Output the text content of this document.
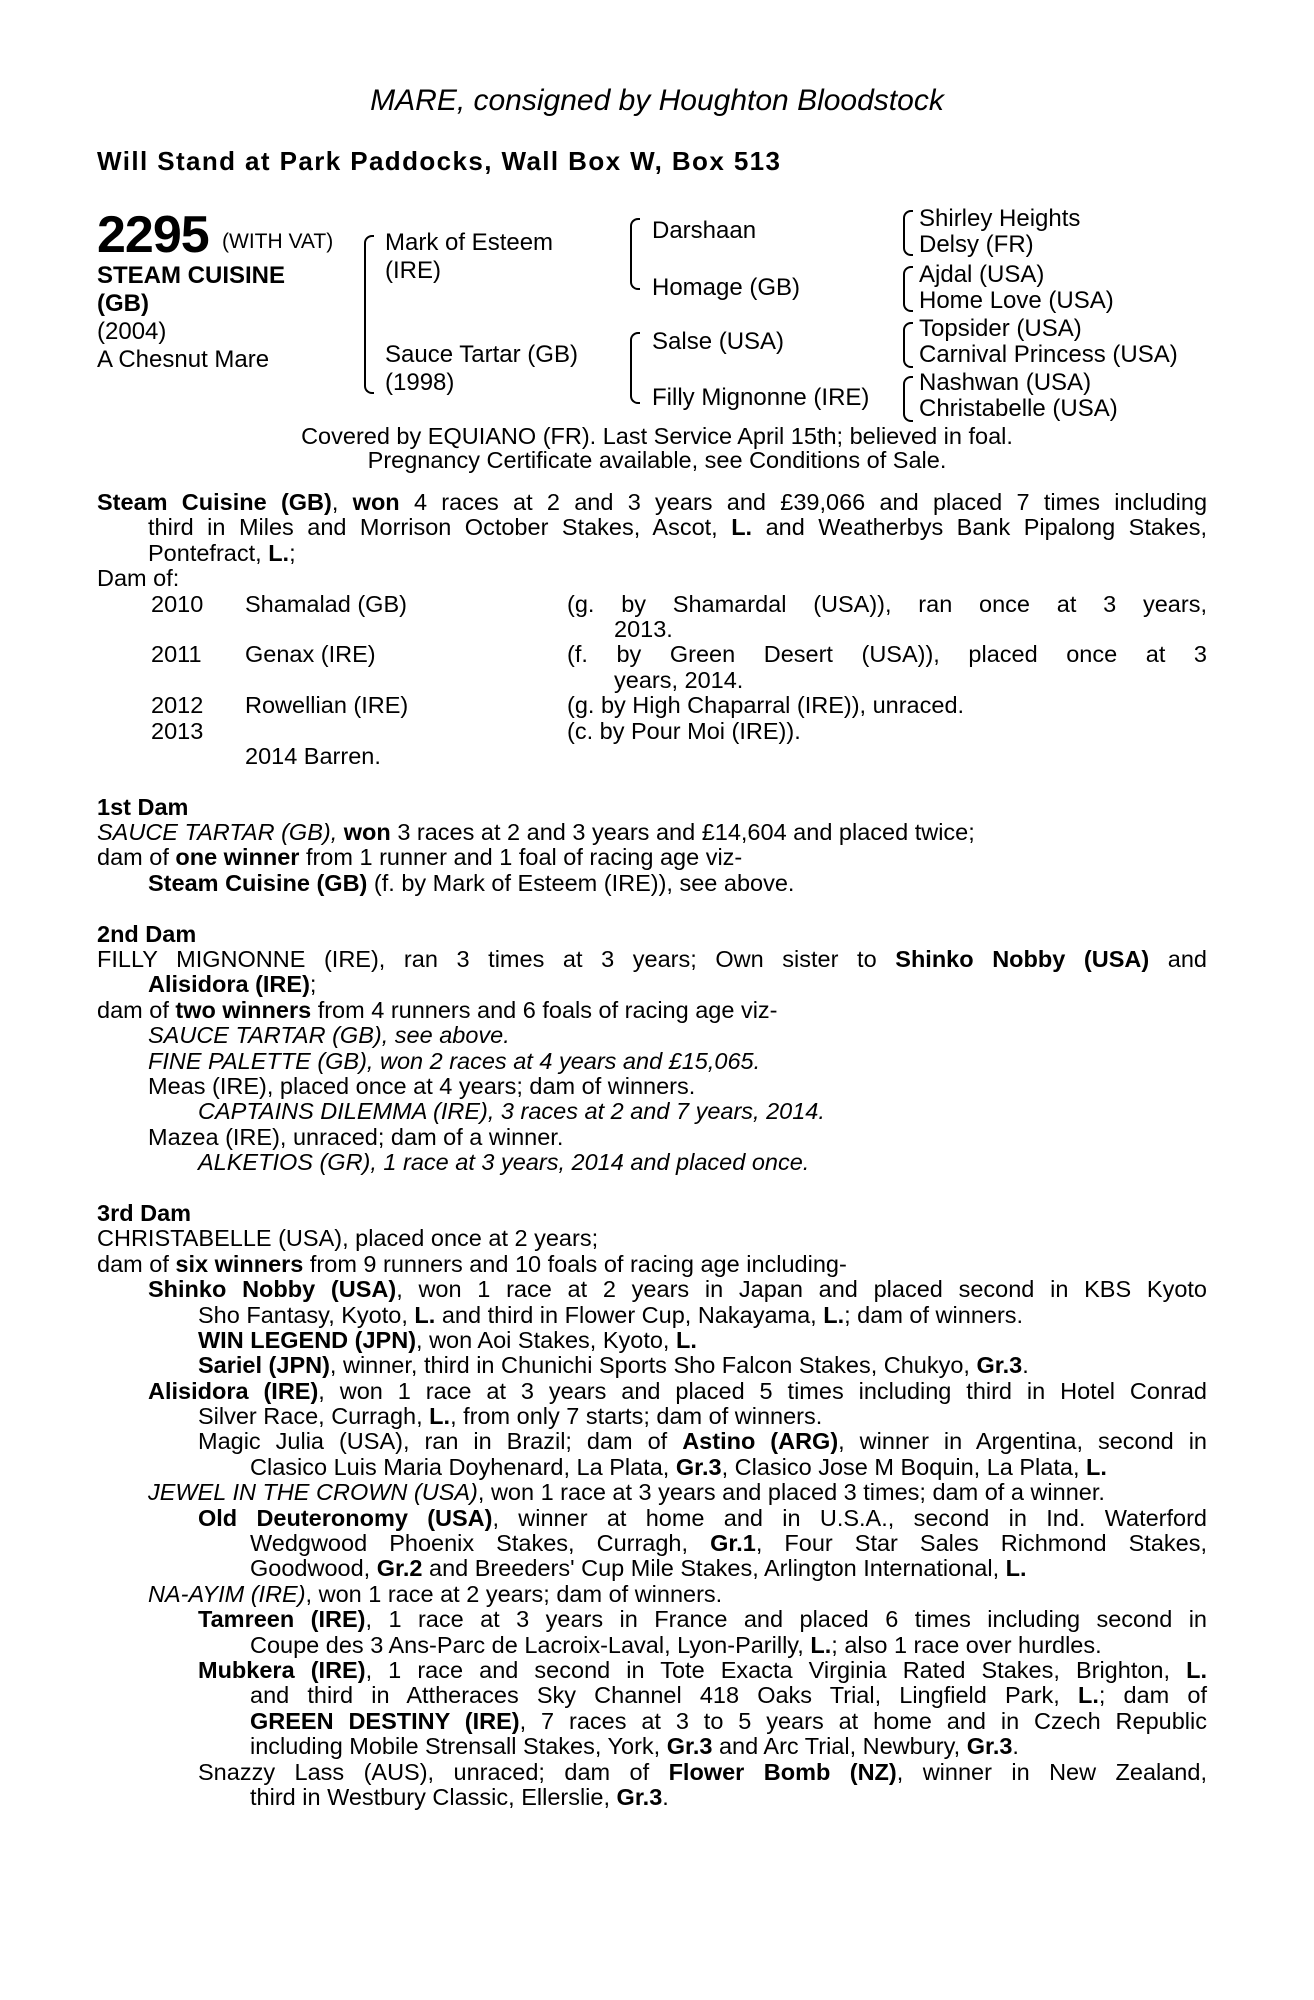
MARE, consigned by Houghton Bloodstock
Will Stand at Park Paddocks, Wall Box W, Box 513
2295 (WITH VAT)
STEAM CUISINE
(GB)
(2004)
A Chesnut Mare
Mark of Esteem
(IRE)
Sauce Tartar (GB)
(1998)
Darshaan
Homage (GB)
Salse (USA)
Filly Mignonne (IRE)
Shirley Heights
Delsy (FR)
Ajdal (USA)
Home Love (USA)
Topsider (USA)
Carnival Princess (USA)
Nashwan (USA)
Christabelle (USA)
Covered by EQUIANO (FR). Last Service April 15th; believed in foal.
Pregnancy Certificate available, see Conditions of Sale.
Steam Cuisine (GB), won 4 races at 2 and 3 years and £39,066 and placed 7 times including
third in Miles and Morrison October Stakes, Ascot, L. and Weatherbys Bank Pipalong Stakes,
Pontefract, L.;
Dam of:
2010 Shamalad (GB)	(g. by Shamardal (USA)), ran once at 3 years,
2013.
2011 Genax (IRE)	(f. by Green Desert (USA)), placed once at 3
years, 2014.
2012 Rowellian (IRE)	(g. by High Chaparral (IRE)), unraced.
2013	(c. by Pour Moi (IRE)).
2014 Barren.
1st Dam
SAUCE TARTAR (GB), won 3 races at 2 and 3 years and £14,604 and placed twice;
dam of one winner from 1 runner and 1 foal of racing age viz-
Steam Cuisine (GB) (f. by Mark of Esteem (IRE)), see above.
2nd Dam
FILLY MIGNONNE (IRE), ran 3 times at 3 years; Own sister to Shinko Nobby (USA) and
Alisidora (IRE);
dam of two winners from 4 runners and 6 foals of racing age viz-
SAUCE TARTAR (GB), see above.
FINE PALETTE (GB), won 2 races at 4 years and £15,065.
Meas (IRE), placed once at 4 years; dam of winners.
CAPTAINS DILEMMA (IRE), 3 races at 2 and 7 years, 2014.
Mazea (IRE), unraced; dam of a winner.
ALKETIOS (GR), 1 race at 3 years, 2014 and placed once.
3rd Dam
CHRISTABELLE (USA), placed once at 2 years;
dam of six winners from 9 runners and 10 foals of racing age including-
Shinko Nobby (USA), won 1 race at 2 years in Japan and placed second in KBS Kyoto
Sho Fantasy, Kyoto, L. and third in Flower Cup, Nakayama, L.; dam of winners.
WIN LEGEND (JPN), won Aoi Stakes, Kyoto, L.
Sariel (JPN), winner, third in Chunichi Sports Sho Falcon Stakes, Chukyo, Gr.3.
Alisidora (IRE), won 1 race at 3 years and placed 5 times including third in Hotel Conrad
Silver Race, Curragh, L., from only 7 starts; dam of winners.
Magic Julia (USA), ran in Brazil; dam of Astino (ARG), winner in Argentina, second in
Clasico Luis Maria Doyhenard, La Plata, Gr.3, Clasico Jose M Boquin, La Plata, L.
JEWEL IN THE CROWN (USA), won 1 race at 3 years and placed 3 times; dam of a winner.
Old Deuteronomy (USA), winner at home and in U.S.A., second in Ind. Waterford
Wedgwood Phoenix Stakes, Curragh, Gr.1, Four Star Sales Richmond Stakes,
Goodwood, Gr.2 and Breeders' Cup Mile Stakes, Arlington International, L.
NA-AYIM (IRE), won 1 race at 2 years; dam of winners.
Tamreen (IRE), 1 race at 3 years in France and placed 6 times including second in
Coupe des 3 Ans-Parc de Lacroix-Laval, Lyon-Parilly, L.; also 1 race over hurdles.
Mubkera (IRE), 1 race and second in Tote Exacta Virginia Rated Stakes, Brighton, L.
and third in Attheraces Sky Channel 418 Oaks Trial, Lingfield Park, L.; dam of
GREEN DESTINY (IRE), 7 races at 3 to 5 years at home and in Czech Republic
including Mobile Strensall Stakes, York, Gr.3 and Arc Trial, Newbury, Gr.3.
Snazzy Lass (AUS), unraced; dam of Flower Bomb (NZ), winner in New Zealand,
third in Westbury Classic, Ellerslie, Gr.3.
